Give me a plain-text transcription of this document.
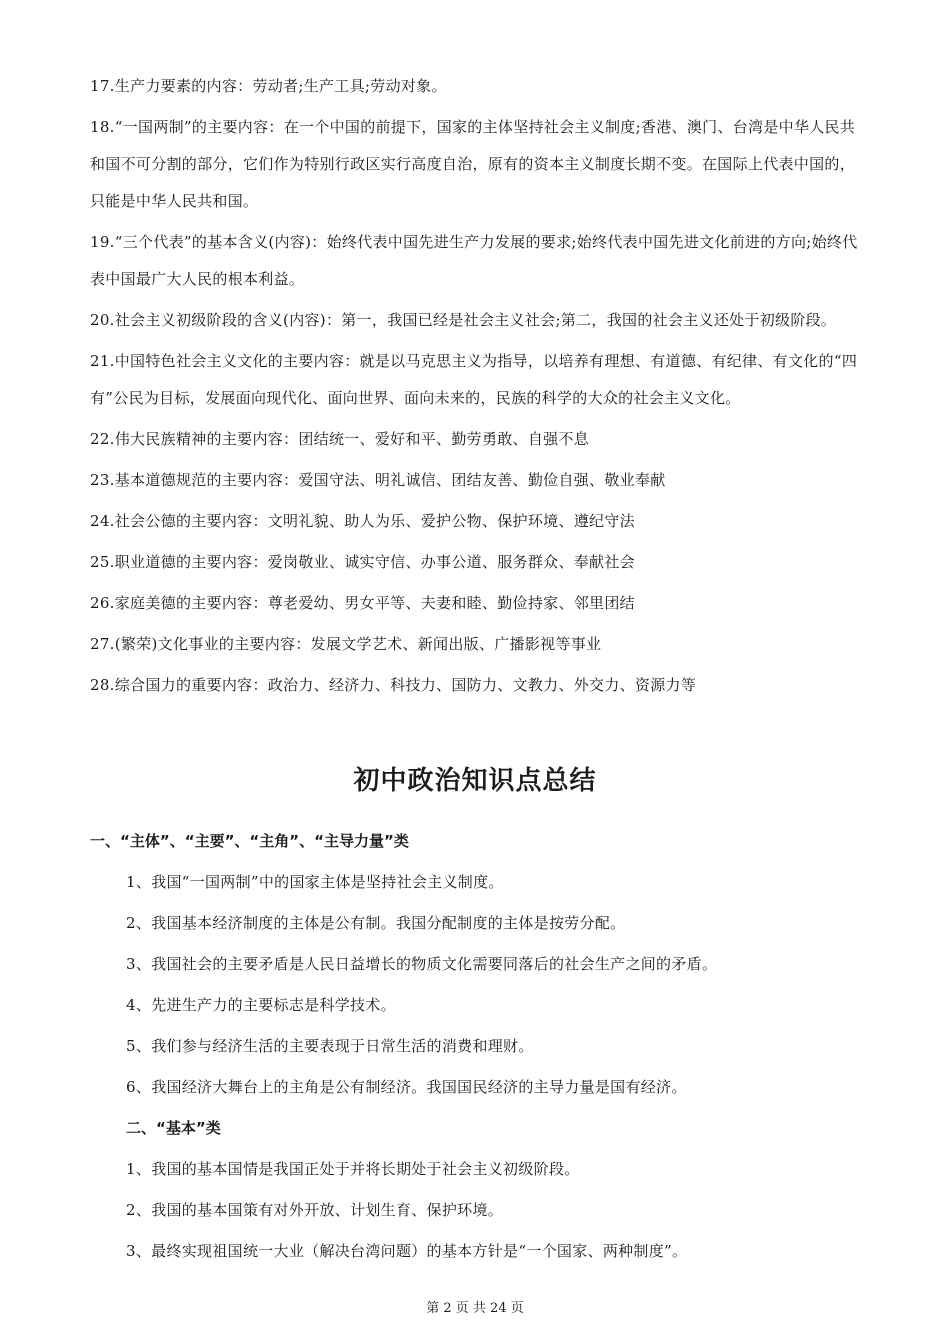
17.生产力要素的内容：劳动者;生产工具;劳动对象。

18.“一国两制”的主要内容：在一个中国的前提下，国家的主体坚持社会主义制度;香港、澳门、台湾是中华人民共和国不可分割的部分，它们作为特别行政区实行高度自治，原有的资本主义制度长期不变。在国际上代表中国的，只能是中华人民共和国。

19.“三个代表”的基本含义(内容)：始终代表中国先进生产力发展的要求;始终代表中国先进文化前进的方向;始终代表中国最广大人民的根本利益。

20.社会主义初级阶段的含义(内容)：第一，我国已经是社会主义社会;第二，我国的社会主义还处于初级阶段。

21.中国特色社会主义文化的主要内容：就是以马克思主义为指导，以培养有理想、有道德、有纪律、有文化的“四有”公民为目标，发展面向现代化、面向世界、面向未来的，民族的科学的大众的社会主义文化。

22.伟大民族精神的主要内容：团结统一、爱好和平、勤劳勇敢、自强不息

23.基本道德规范的主要内容：爱国守法、明礼诚信、团结友善、勤俭自强、敬业奉献

24.社会公德的主要内容：文明礼貌、助人为乐、爱护公物、保护环境、遵纪守法

25.职业道德的主要内容：爱岗敬业、诚实守信、办事公道、服务群众、奉献社会

26.家庭美德的主要内容：尊老爱幼、男女平等、夫妻和睦、勤俭持家、邻里团结

27.(繁荣)文化事业的主要内容：发展文学艺术、新闻出版、广播影视等事业

28.综合国力的重要内容：政治力、经济力、科技力、国防力、文教力、外交力、资源力等

初中政治知识点总结
一、“主体”、“主要”、“主角”、“主导力量”类
1、我国“一国两制”中的国家主体是坚持社会主义制度。
2、我国基本经济制度的主体是公有制。我国分配制度的主体是按劳分配。
3、我国社会的主要矛盾是人民日益增长的物质文化需要同落后的社会生产之间的矛盾。
4、先进生产力的主要标志是科学技术。
5、我们参与经济生活的主要表现于日常生活的消费和理财。
6、我国经济大舞台上的主角是公有制经济。我国国民经济的主导力量是国有经济。
二、“基本”类
1、我国的基本国情是我国正处于并将长期处于社会主义初级阶段。
2、我国的基本国策有对外开放、计划生育、保护环境。
3、最终实现祖国统一大业（解决台湾问题）的基本方针是“一个国家、两种制度”。
第 2 页 共 24 页
